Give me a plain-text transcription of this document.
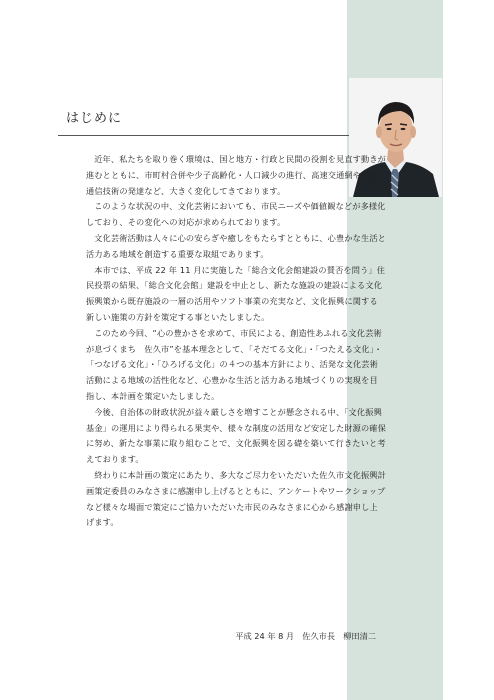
はじめに

近年、私たちを取り巻く環境は、国と地方・行政と民間の役割を見直す動きが進むとともに、市町村合併や少子高齢化・人口減少の進行、高速交通網や情報通信技術の発達など、大きく変化してきております。

このような状況の中、文化芸術においても、市民ニーズや価値観などが多様化しており、その変化への対応が求められております。

文化芸術活動は人々に心の安らぎや癒しをもたらすとともに、心豊かな生活と活力ある地域を創造する重要な取組であります。

本市では、平成 22 年 11 月に実施した「総合文化会館建設の賛否を問う」住民投票の結果、「総合文化会館」建設を中止とし、新たな施設の建設による文化振興策から既存施設の一層の活用やソフト事業の充実など、文化振興に関する新しい施策の方針を策定する事といたしました。

このため今回、“心の豊かさを求めて、市民による、創造性あふれる文化芸術が息づくまち　佐久市”を基本理念として、「そだてる文化」・「つたえる文化」・「つなげる文化」・「ひろげる文化」の４つの基本方針により、活発な文化芸術活動による地域の活性化など、心豊かな生活と活力ある地域づくりの実現を目指し、本計画を策定いたしました。

今後、自治体の財政状況が益々厳しさを増すことが懸念される中、「文化振興基金」の運用により得られる果実や、様々な制度の活用など安定した財源の確保に努め、新たな事業に取り組むことで、文化振興を図る礎を築いて行きたいと考えております。

終わりに本計画の策定にあたり、多大なご尽力をいただいた佐久市文化振興計画策定委員のみなさまに感謝申し上げるとともに、アンケートやワークショップなど様々な場面で策定にご協力いただいた市民のみなさまに心から感謝申し上げます。

平成 24 年 8 月　佐久市長　柳田清二
